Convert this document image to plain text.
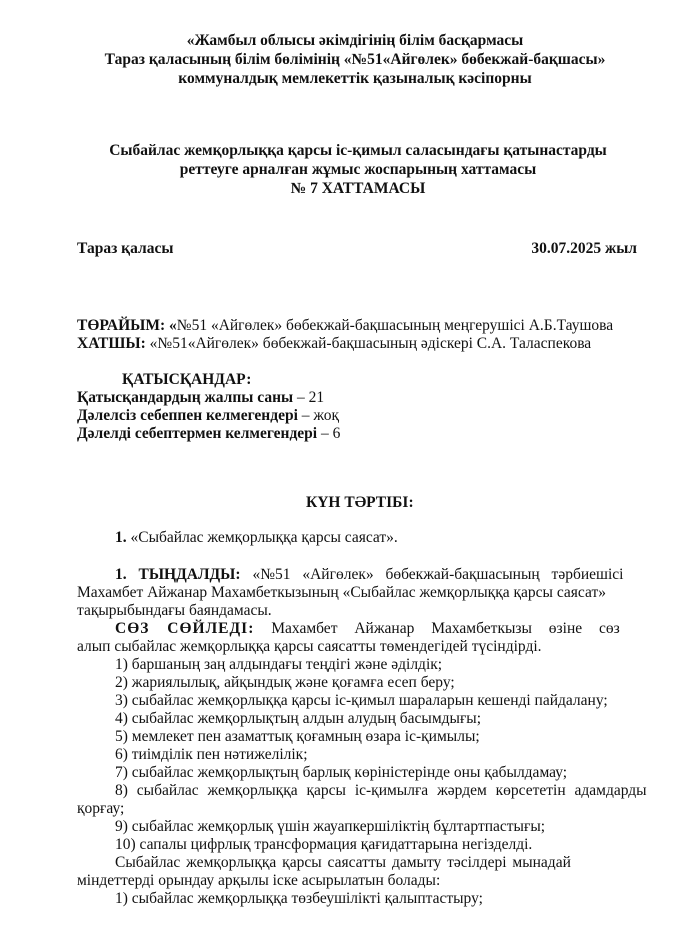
«Жамбыл облысы әкімдігінің білім басқармасы
Тараз қаласының білім бөлімінің «№51«Айгөлек» бөбекжай-бақшасы»
коммуналдық мемлекеттік қазыналық кәсіпорны
Сыбайлас жемқорлыққа қарсы іс-қимыл саласындағы қатынастарды
реттеуге арналған жұмыс жоспарының хаттамасы
№ 7 ХАТТАМАСЫ
Тараз қаласы	30.07.2025 жыл
ТӨРАЙЫМ: «№51 «Айгөлек» бөбекжай-бақшасының меңгерушісі А.Б.Таушова
ХАТШЫ: «№51«Айгөлек» бөбекжай-бақшасының әдіскері С.А. Таласпекова
ҚАТЫСҚАНДАР:
Қатысқандардың жалпы саны – 21
Дәлелсіз себеппен келмегендері – жоқ
Дәлелді себептермен келмегендері – 6
КҮН ТӘРТІБІ:
1. «Сыбайлас жемқорлыққа қарсы саясат».
1. ТЫҢДАЛДЫ: «№51 «Айгөлек» бөбекжай-бақшасының тәрбиешісі
Махамбет Айжанар Махамбеткызының «Сыбайлас жемқорлыққа қарсы саясат»
тақырыбындағы баяндамасы.
СӨЗ СӨЙЛЕДІ: Махамбет Айжанар Махамбеткызы өзіне сөз
алып сыбайлас жемқорлыққа қарсы саясатты төмендегідей түсіндірді.
1) баршаның заң алдындағы теңдігі және әділдік;
2) жариялылық, айқындық және қоғамға есеп беру;
3) сыбайлас жемқорлыққа қарсы іс-қимыл шараларын кешенді пайдалану;
4) сыбайлас жемқорлықтың алдын алудың басымдығы;
5) мемлекет пен азаматтық қоғамның өзара іс-қимылы;
6) тиімділік пен нәтижелілік;
7) сыбайлас жемқорлықтың барлық көріністерінде оны қабылдамау;
8) сыбайлас жемқорлыққа қарсы іс-қимылға жәрдем көрсететін адамдарды
қорғау;
9) сыбайлас жемқорлық үшін жауапкершіліктің бұлтартпастығы;
10) сапалы цифрлық трансформация қағидаттарына негізделді.
Сыбайлас жемқорлыққа қарсы саясатты дамыту тәсілдері мынадай
міндеттерді орындау арқылы іске асырылатын болады:
1) сыбайлас жемқорлыққа төзбеушілікті қалыптастыру;
